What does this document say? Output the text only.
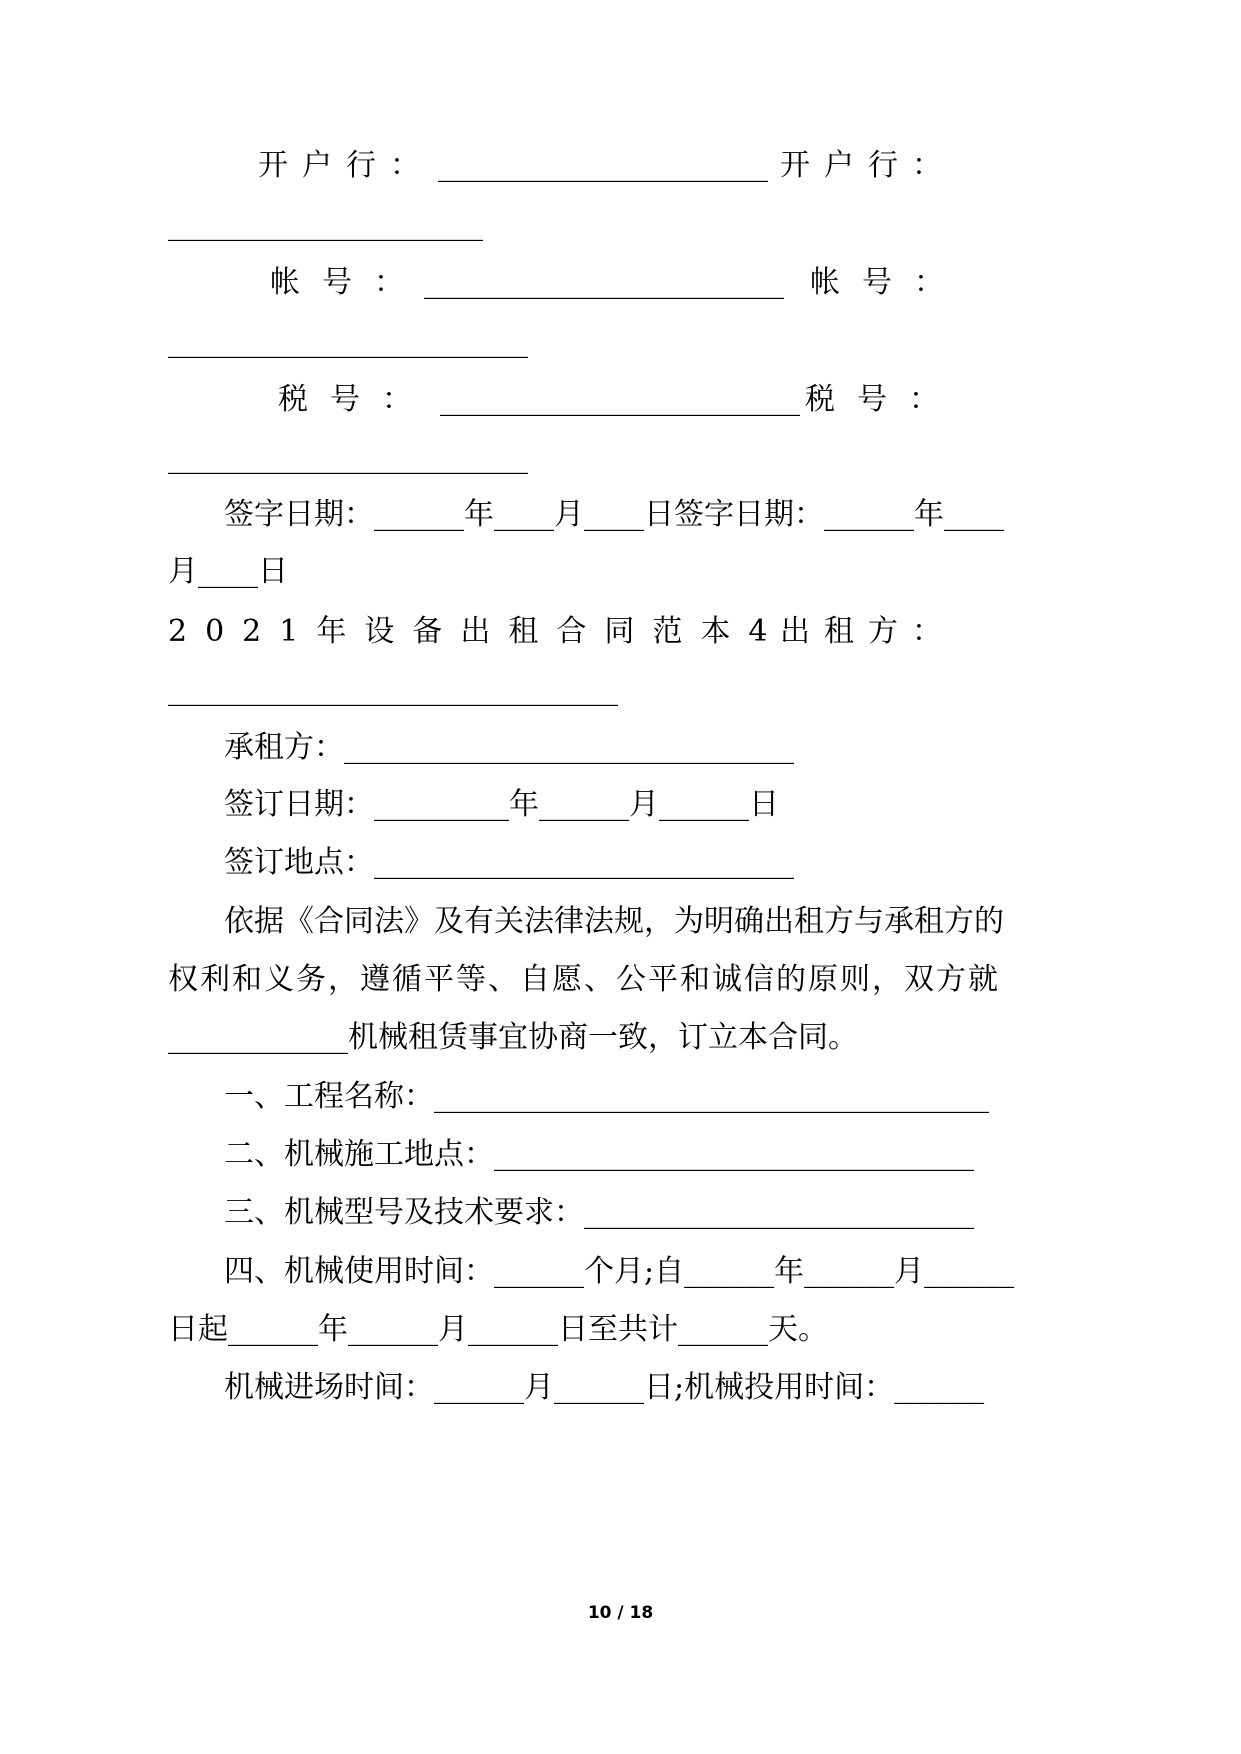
开户行： ______________________ 开户行：
_____________________
帐号：
________________________ 帐号：
________________________
税号： ________________________ 税号：
________________________
签字日期：______年____月____日签字日期：______年____
月____日
2021年设备出租合同范本4
出租方：
______________________________
承租方：______________________________
签订日期：_________年______月______日
签订地点：____________________________
依据《合同法》及有关法律法规，为明确出租方与承租方的
权利和义务，遵循平等、自愿、公平和诚信的原则，双方就
____________机械租赁事宜协商一致，订立本合同。
一、工程名称：_____________________________________
二、机械施工地点：________________________________
三、机械型号及技术要求：__________________________
四、机械使用时间：______个月;自______年______月______
日起______年______月______日至共计______天。
机械进场时间：______月______日;机械投用时间：______
10 / 18
